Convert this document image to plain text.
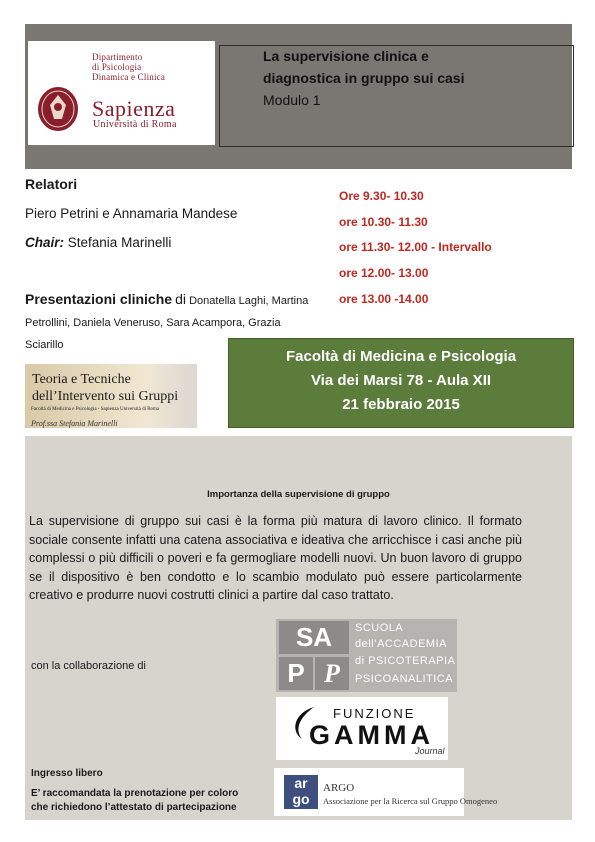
Dipartimento
di Psicologia
Dinamica e Clinica
Sapienza
Università di Roma
La supervisione clinica e
diagnostica in gruppo sui casi
Modulo 1
Relatori
Piero Petrini e Annamaria Mandese
Chair: Stefania Marinelli
Presentazioni cliniche di Donatella Laghi, Martina Petrollini, Daniela Veneruso, Sara Acampora, Grazia Sciarillo
Ore 9.30- 10.30
ore 10.30- 11.30
ore 11.30- 12.00 - Intervallo
ore 12.00- 13.00
ore 13.00 -14.00
Teoria e Tecniche
dell’Intervento sui Gruppi
Facoltà di Medicina e Psicologia - Sapienza Università di Roma
Prof.ssa Stefania Marinelli
Facoltà di Medicina e Psicologia
Via dei Marsi 78 - Aula XII
21 febbraio 2015
Importanza della supervisione di gruppo
La supervisione di gruppo sui casi è la forma più matura di lavoro clinico. Il formato sociale consente infatti una catena associativa e ideativa che arricchisce i casi anche più complessi o più difficili o poveri e fa germogliare modelli nuovi. Un buon lavoro di gruppo se il dispositivo è ben condotto e lo scambio modulato può essere particolarmente creativo e produrre nuovi costrutti clinici a partire dal caso trattato.
con la collaborazione di
SA
P P
SCUOLA
dell’ACCADEMIA
di PSICOTERAPIA
PSICOANALITICA
FUNZIONE
GAMMA
Journal
ar go
ARGO
Associazione per la Ricerca sul Gruppo Omogeneo
Ingresso libero
E’ raccomandata la prenotazione per coloro
che richiedono l’attestato di partecipazione
